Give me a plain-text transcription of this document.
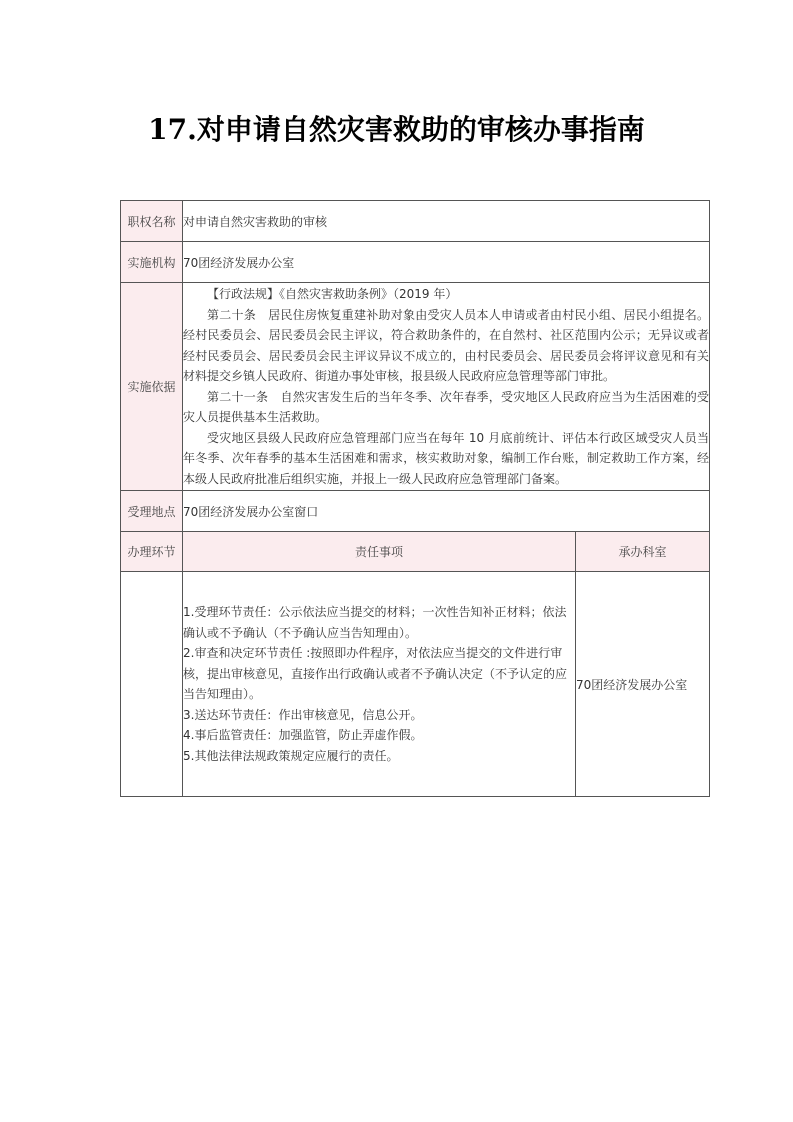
17.对申请自然灾害救助的审核办事指南
职权名称	对申请自然灾害救助的审核	
实施机构	70团经济发展办公室	
实施依据	【行政法规】《自然灾害救助条例》（2019 年）

第二十条　居民住房恢复重建补助对象由受灾人员本人申请或者由村民小组、居民小组提名。经村民委员会、居民委员会民主评议，符合救助条件的，在自然村、社区范围内公示；无异议或者经村民委员会、居民委员会民主评议异议不成立的，由村民委员会、居民委员会将评议意见和有关材料提交乡镇人民政府、街道办事处审核，报县级人民政府应急管理等部门审批。

第二十一条　自然灾害发生后的当年冬季、次年春季，受灾地区人民政府应当为生活困难的受灾人员提供基本生活救助。

受灾地区县级人民政府应急管理部门应当在每年 10 月底前统计、评估本行政区域受灾人员当年冬季、次年春季的基本生活困难和需求，核实救助对象，编制工作台账，制定救助工作方案，经本级人民政府批准后组织实施，并报上一级人民政府应急管理部门备案。	

受理地点	70团经济发展办公室窗口	
办理环节	责任事项	承办科室

	1.受理环节责任：公示依法应当提交的材料；一次性告知补正材料；依法确认或不予确认（不予确认应当告知理由）。

2.审查和决定环节责任 :按照即办件程序，对依法应当提交的文件进行审核，提出审核意见，直接作出行政确认或者不予确认决定（不予认定的应当告知理由）。

3.送达环节责任：作出审核意见，信息公开。

4.事后监管责任：加强监管，防止弄虚作假。

5.其他法律法规政策规定应履行的责任。	70团经济发展办公室
